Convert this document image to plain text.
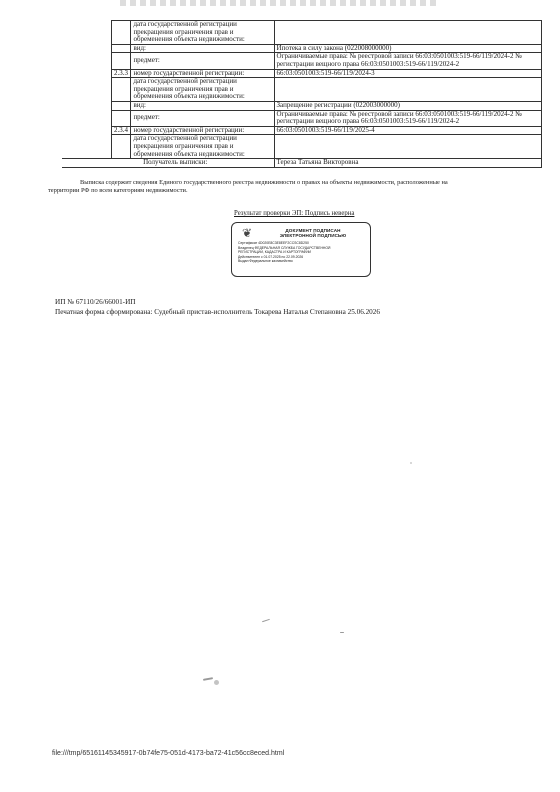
		дата государственной регистрации прекращения ограничения прав и обременения объекта недвижимости:	
		вид:	Ипотека в силу закона (022008000000)
		предмет:	Ограничиваемые права: № реестровой записи 66:03:0501003:519-66/119/2024-2 № регистрации вещного права 66:03:0501003:519-66/119/2024-2
	2.3.3	номер государственной регистрации:	66:03:0501003:519-66/119/2024-3
		дата государственной регистрации прекращения ограничения прав и обременения объекта недвижимости:	
		вид:	Запрещение регистрации (022003000000)
		предмет:	Ограничиваемые права: № реестровой записи 66:03:0501003:519-66/119/2024-2 № регистрации вещного права 66:03:0501003:519-66/119/2024-2
	2.3.4	номер государственной регистрации:	66:03:0501003:519-66/119/2025-4
		дата государственной регистрации прекращения ограничения прав и обременения объекта недвижимости:	
	Получатель выписки:		Тереза Татьяна Викторовна
Выписка содержит сведения Единого государственного реестра недвижимости о правах на объекты недвижимости, расположенные на
территории РФ по всем категориям недвижимости.
Результат проверки ЭП: Подпись неверна
❦	ДОКУМЕНТ ПОДПИСАН
ЭЛЕКТРОННОЙ ПОДПИСЬЮ
Сертификат 4D020E8C3E8EEF2CCSC8D250
Владелец ФЕДЕРАЛЬНАЯ СЛУЖБА ГОСУДАРСТВЕННОЙ
РЕГИСТРАЦИИ, КАДАСТРА И КАРТОГРАФИИ
Действителен с 01.07.2025 по 22.09.2026
Выдан Федеральное казначейство
ИП № 67110/26/66001-ИП
Печатная форма сформирована: Судебный пристав-исполнитель Токарева Наталья Степановна 25.06.2026
file:///tmp/65161145345917-0b74fe75-051d-4173-ba72-41c56cc8eced.html
